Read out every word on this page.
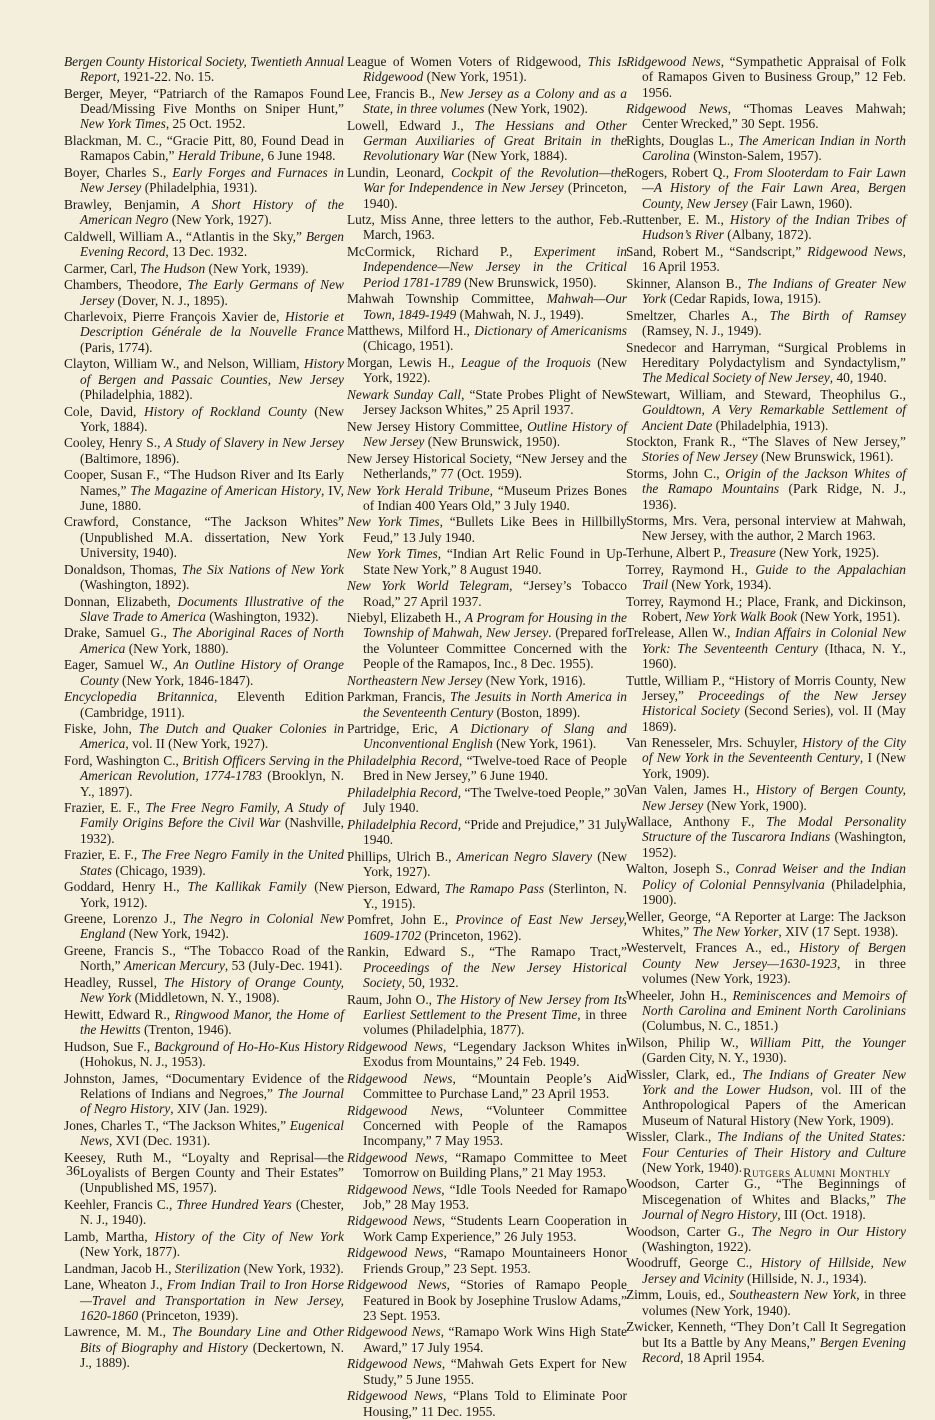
Bergen County Historical Society, Twentieth Annual Report, 1921-22. No. 15.

Berger, Meyer, “Patriarch of the Ramapos Found Dead/Missing Five Months on Sniper Hunt,” New York Times, 25 Oct. 1952.

Blackman, M. C., “Gracie Pitt, 80, Found Dead in Ramapos Cabin,” Herald Tribune, 6 June 1948.

Boyer, Charles S., Early Forges and Furnaces in New Jersey (Philadelphia, 1931).

Brawley, Benjamin, A Short History of the American Negro (New York, 1927).

Caldwell, William A., “Atlantis in the Sky,” Bergen Evening Record, 13 Dec. 1932.

Carmer, Carl, The Hudson (New York, 1939).

Chambers, Theodore, The Early Germans of New Jersey (Dover, N. J., 1895).

Charlevoix, Pierre François Xavier de, Historie et Description Générale de la Nouvelle France (Paris, 1774).

Clayton, William W., and Nelson, William, History of Bergen and Passaic Counties, New Jersey (Philadelphia, 1882).

Cole, David, History of Rockland County (New York, 1884).

Cooley, Henry S., A Study of Slavery in New Jersey (Baltimore, 1896).

Cooper, Susan F., “The Hudson River and Its Early Names,” The Magazine of American History, IV, June, 1880.

Crawford, Constance, “The Jackson Whites” (Unpublished M.A. dissertation, New York University, 1940).

Donaldson, Thomas, The Six Nations of New York (Washington, 1892).

Donnan, Elizabeth, Documents Illustrative of the Slave Trade to America (Washington, 1932).

Drake, Samuel G., The Aboriginal Races of North America (New York, 1880).

Eager, Samuel W., An Outline History of Orange County (New York, 1846-1847).

Encyclopedia Britannica, Eleventh Edition (Cambridge, 1911).

Fiske, John, The Dutch and Quaker Colonies in America, vol. II (New York, 1927).

Ford, Washington C., British Officers Serving in the American Revolution, 1774-1783 (Brooklyn, N. Y., 1897).

Frazier, E. F., The Free Negro Family, A Study of Family Origins Before the Civil War (Nashville, 1932).

Frazier, E. F., The Free Negro Family in the United States (Chicago, 1939).

Goddard, Henry H., The Kallikak Family (New York, 1912).

Greene, Lorenzo J., The Negro in Colonial New England (New York, 1942).

Greene, Francis S., “The Tobacco Road of the North,” American Mercury, 53 (July-Dec. 1941).

Headley, Russel, The History of Orange County, New York (Middletown, N. Y., 1908).

Hewitt, Edward R., Ringwood Manor, the Home of the Hewitts (Trenton, 1946).

Hudson, Sue F., Background of Ho-Ho-Kus History (Hohokus, N. J., 1953).

Johnston, James, “Documentary Evidence of the Relations of Indians and Negroes,” The Journal of Negro History, XIV (Jan. 1929).

Jones, Charles T., “The Jackson Whites,” Eugenical News, XVI (Dec. 1931).

Keesey, Ruth M., “Loyalty and Reprisal—the Loyalists of Bergen County and Their Estates” (Unpublished MS, 1957).

Keehler, Francis C., Three Hundred Years (Chester, N. J., 1940).

Lamb, Martha, History of the City of New York (New York, 1877).

Landman, Jacob H., Sterilization (New York, 1932).

Lane, Wheaton J., From Indian Trail to Iron Horse—Travel and Transportation in New Jersey, 1620-1860 (Princeton, 1939).

Lawrence, M. M., The Boundary Line and Other Bits of Biography and History (Deckertown, N. J., 1889).

League of Women Voters of Ridgewood, This Is Ridgewood (New York, 1951).

Lee, Francis B., New Jersey as a Colony and as a State, in three volumes (New York, 1902).

Lowell, Edward J., The Hessians and Other German Auxiliaries of Great Britain in the Revolutionary War (New York, 1884).

Lundin, Leonard, Cockpit of the Revolution—the War for Independence in New Jersey (Princeton, 1940).

Lutz, Miss Anne, three letters to the author, Feb.-March, 1963.

McCormick, Richard P., Experiment in Independence—New Jersey in the Critical Period 1781-1789 (New Brunswick, 1950).

Mahwah Township Committee, Mahwah—Our Town, 1849-1949 (Mahwah, N. J., 1949).

Matthews, Milford H., Dictionary of Americanisms (Chicago, 1951).

Morgan, Lewis H., League of the Iroquois (New York, 1922).

Newark Sunday Call, “State Probes Plight of New Jersey Jackson Whites,” 25 April 1937.

New Jersey History Committee, Outline History of New Jersey (New Brunswick, 1950).

New Jersey Historical Society, “New Jersey and the Netherlands,” 77 (Oct. 1959).

New York Herald Tribune, “Museum Prizes Bones of Indian 400 Years Old,” 3 July 1940.

New York Times, “Bullets Like Bees in Hillbilly Feud,” 13 July 1940.

New York Times, “Indian Art Relic Found in Up-State New York,” 8 August 1940.

New York World Telegram, “Jersey’s Tobacco Road,” 27 April 1937.

Niebyl, Elizabeth H., A Program for Housing in the Township of Mahwah, New Jersey. (Prepared for the Volunteer Committee Concerned with the People of the Ramapos, Inc., 8 Dec. 1955).

Northeastern New Jersey (New York, 1916).

Parkman, Francis, The Jesuits in North America in the Seventeenth Century (Boston, 1899).

Partridge, Eric, A Dictionary of Slang and Unconventional English (New York, 1961).

Philadelphia Record, “Twelve-toed Race of People Bred in New Jersey,” 6 June 1940.

Philadelphia Record, “The Twelve-toed People,” 30 July 1940.

Philadelphia Record, “Pride and Prejudice,” 31 July 1940.

Phillips, Ulrich B., American Negro Slavery (New York, 1927).

Pierson, Edward, The Ramapo Pass (Sterlinton, N. Y., 1915).

Pomfret, John E., Province of East New Jersey, 1609-1702 (Princeton, 1962).

Rankin, Edward S., “The Ramapo Tract,” Proceedings of the New Jersey Historical Society, 50, 1932.

Raum, John O., The History of New Jersey from Its Earliest Settlement to the Present Time, in three volumes (Philadelphia, 1877).

Ridgewood News, “Legendary Jackson Whites in Exodus from Mountains,” 24 Feb. 1949.

Ridgewood News, “Mountain People’s Aid Committee to Purchase Land,” 23 April 1953.

Ridgewood News, “Volunteer Committee Concerned with People of the Ramapos Incompany,” 7 May 1953.

Ridgewood News, “Ramapo Committee to Meet Tomorrow on Building Plans,” 21 May 1953.

Ridgewood News, “Idle Tools Needed for Ramapo Job,” 28 May 1953.

Ridgewood News, “Students Learn Cooperation in Work Camp Experience,” 26 July 1953.

Ridgewood News, “Ramapo Mountaineers Honor Friends Group,” 23 Sept. 1953.

Ridgewood News, “Stories of Ramapo People Featured in Book by Josephine Truslow Adams,” 23 Sept. 1953.

Ridgewood News, “Ramapo Work Wins High State Award,” 17 July 1954.

Ridgewood News, “Mahwah Gets Expert for New Study,” 5 June 1955.

Ridgewood News, “Plans Told to Eliminate Poor Housing,” 11 Dec. 1955.

Ridgewood News, “Sympathetic Appraisal of Folk of Ramapos Given to Business Group,” 12 Feb. 1956.

Ridgewood News, “Thomas Leaves Mahwah; Center Wrecked,” 30 Sept. 1956.

Rights, Douglas L., The American Indian in North Carolina (Winston-Salem, 1957).

Rogers, Robert Q., From Slooterdam to Fair Lawn—A History of the Fair Lawn Area, Bergen County, New Jersey (Fair Lawn, 1960).

Ruttenber, E. M., History of the Indian Tribes of Hudson’s River (Albany, 1872).

Sand, Robert M., “Sandscript,” Ridgewood News, 16 April 1953.

Skinner, Alanson B., The Indians of Greater New York (Cedar Rapids, Iowa, 1915).

Smeltzer, Charles A., The Birth of Ramsey (Ramsey, N. J., 1949).

Snedecor and Harryman, “Surgical Problems in Hereditary Polydactylism and Syndactylism,” The Medical Society of New Jersey, 40, 1940.

Stewart, William, and Steward, Theophilus G., Gouldtown, A Very Remarkable Settlement of Ancient Date (Philadelphia, 1913).

Stockton, Frank R., “The Slaves of New Jersey,” Stories of New Jersey (New Brunswick, 1961).

Storms, John C., Origin of the Jackson Whites of the Ramapo Mountains (Park Ridge, N. J., 1936).

Storms, Mrs. Vera, personal interview at Mahwah, New Jersey, with the author, 2 March 1963.

Terhune, Albert P., Treasure (New York, 1925).

Torrey, Raymond H., Guide to the Appalachian Trail (New York, 1934).

Torrey, Raymond H.; Place, Frank, and Dickinson, Robert, New York Walk Book (New York, 1951).

Trelease, Allen W., Indian Affairs in Colonial New York: The Seventeenth Century (Ithaca, N. Y., 1960).

Tuttle, William P., “History of Morris County, New Jersey,” Proceedings of the New Jersey Historical Society (Second Series), vol. II (May 1869).

Van Renesseler, Mrs. Schuyler, History of the City of New York in the Seventeenth Century, I (New York, 1909).

Van Valen, James H., History of Bergen County, New Jersey (New York, 1900).

Wallace, Anthony F., The Modal Personality Structure of the Tuscarora Indians (Washington, 1952).

Walton, Joseph S., Conrad Weiser and the Indian Policy of Colonial Pennsylvania (Philadelphia, 1900).

Weller, George, “A Reporter at Large: The Jackson Whites,” The New Yorker, XIV (17 Sept. 1938).

Westervelt, Frances A., ed., History of Bergen County New Jersey—1630-1923, in three volumes (New York, 1923).

Wheeler, John H., Reminiscences and Memoirs of North Carolina and Eminent North Carolinians (Columbus, N. C., 1851.)

Wilson, Philip W., William Pitt, the Younger (Garden City, N. Y., 1930).

Wissler, Clark, ed., The Indians of Greater New York and the Lower Hudson, vol. III of the Anthropological Papers of the American Museum of Natural History (New York, 1909).

Wissler, Clark., The Indians of the United States: Four Centuries of Their History and Culture (New York, 1940).

Woodson, Carter G., “The Beginnings of Miscegenation of Whites and Blacks,” The Journal of Negro History, III (Oct. 1918).

Woodson, Carter G., The Negro in Our History (Washington, 1922).

Woodruff, George C., History of Hillside, New Jersey and Vicinity (Hillside, N. J., 1934).

Zimm, Louis, ed., Southeastern New York, in three volumes (New York, 1940).

Zwicker, Kenneth, “They Don’t Call It Segregation but Its a Battle by Any Means,” Bergen Evening Record, 18 April 1954.

36	Rutgers Alumni Monthly
